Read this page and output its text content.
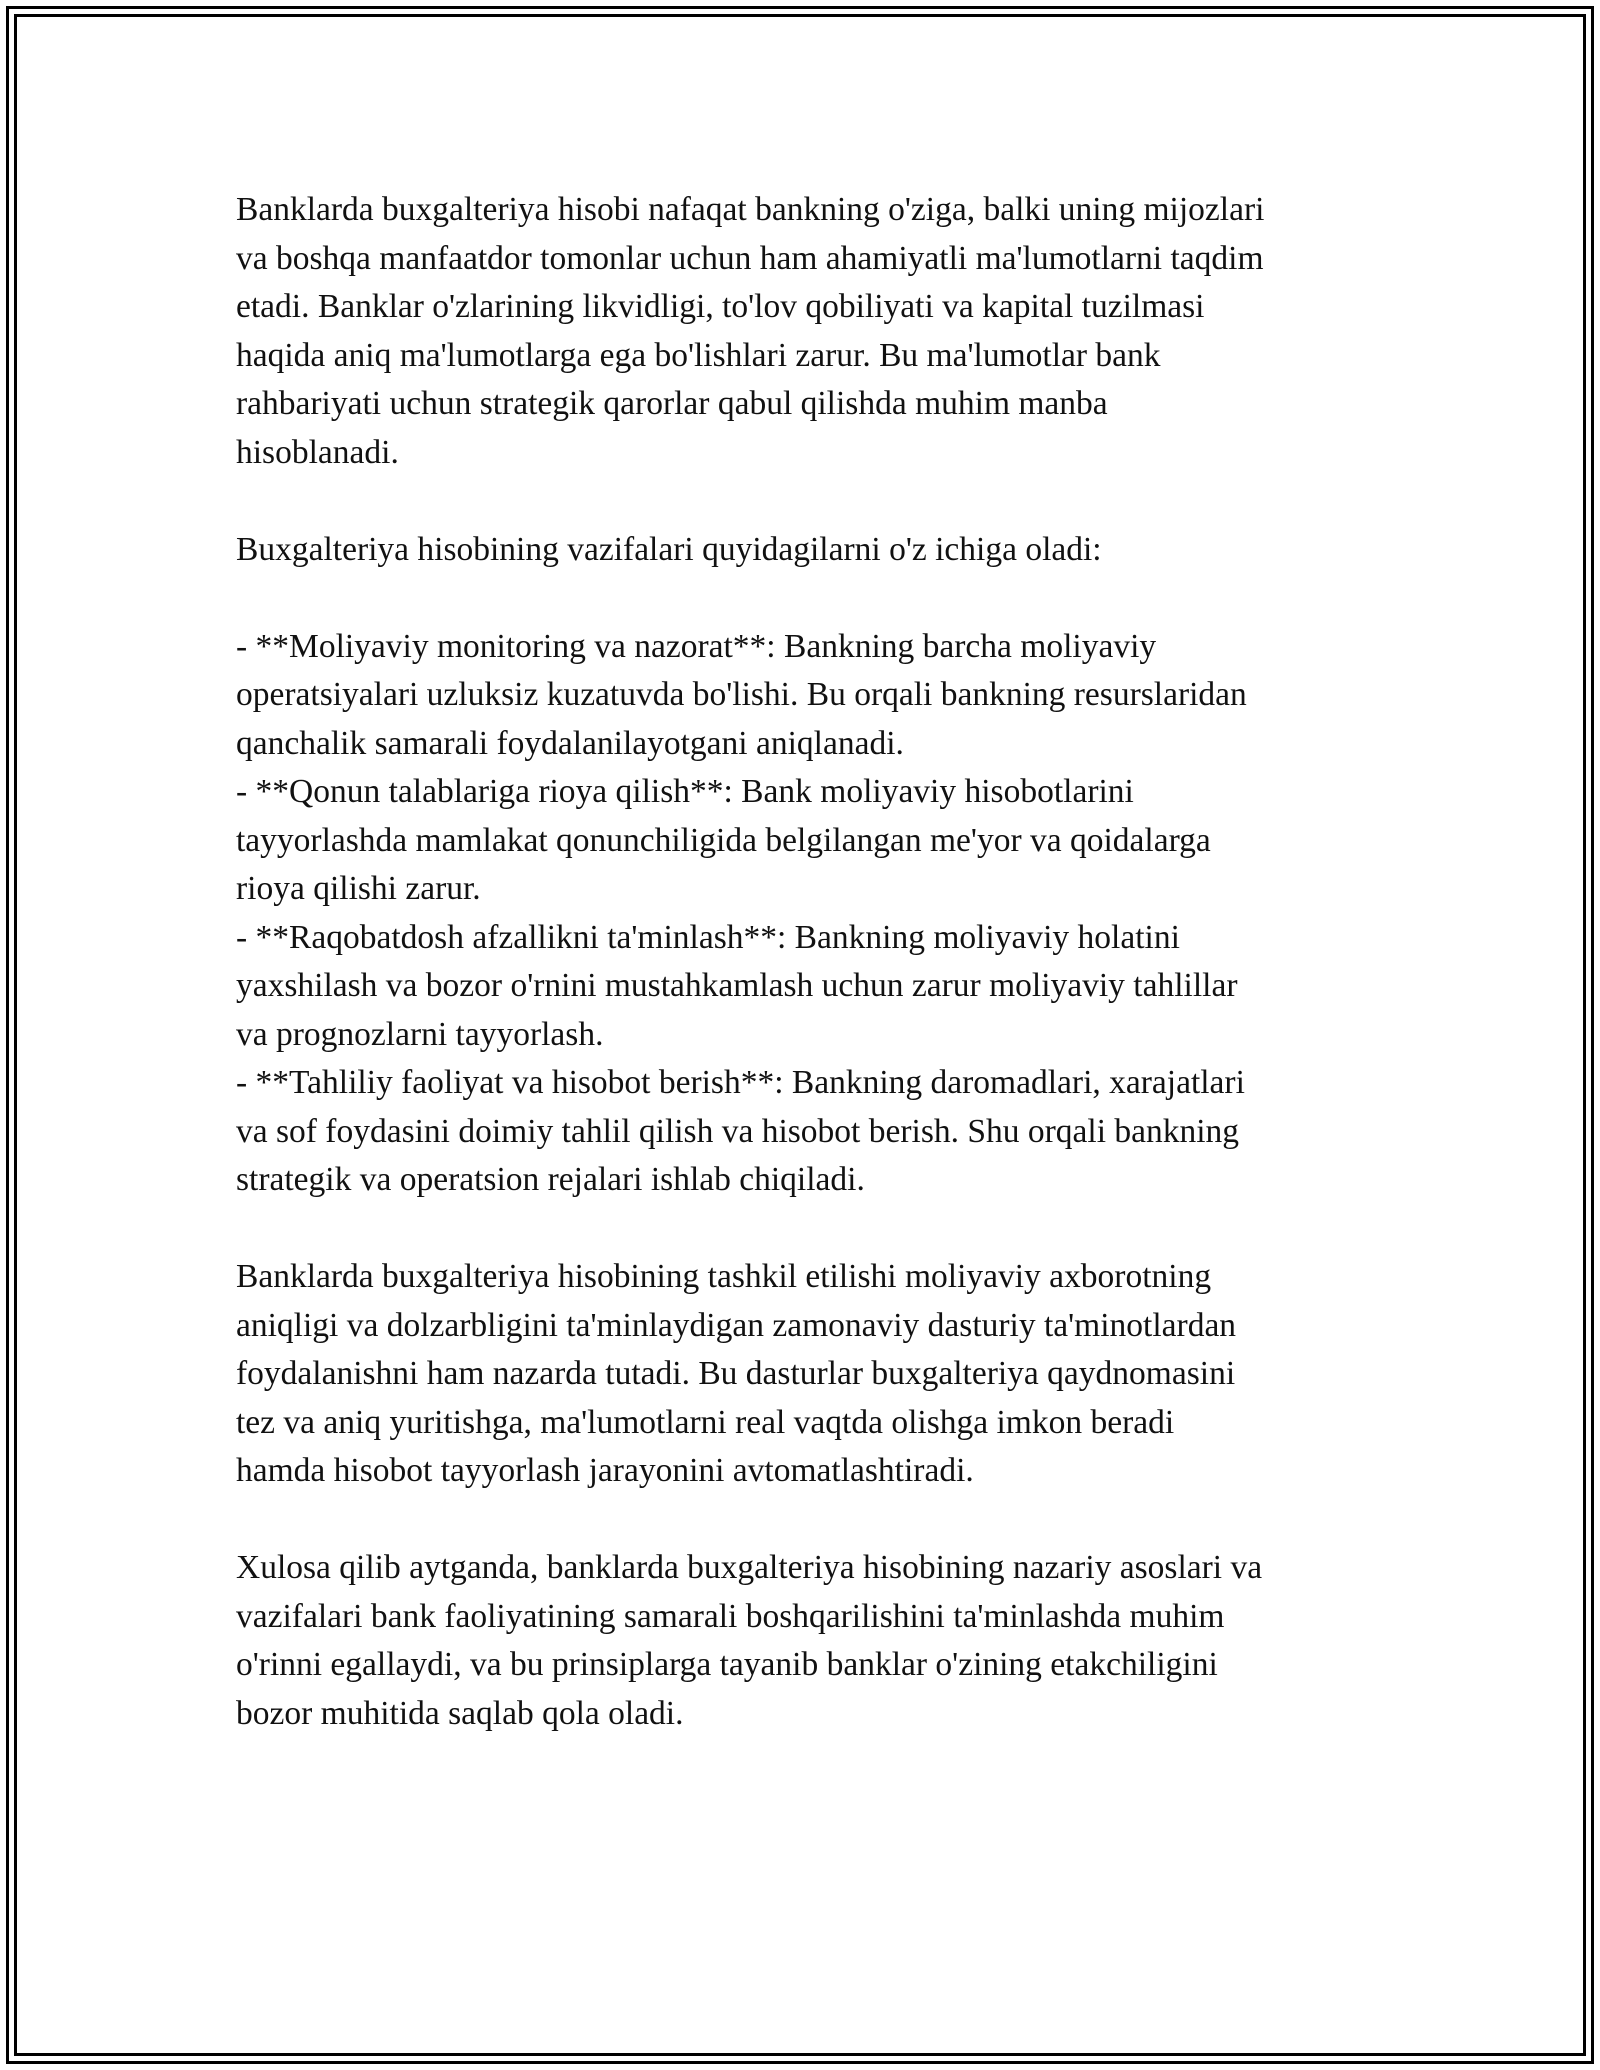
Banklarda buxgalteriya hisobi nafaqat bankning o'ziga, balki uning mijozlari
va boshqa manfaatdor tomonlar uchun ham ahamiyatli ma'lumotlarni taqdim
etadi. Banklar o'zlarining likvidligi, to'lov qobiliyati va kapital tuzilmasi
haqida aniq ma'lumotlarga ega bo'lishlari zarur. Bu ma'lumotlar bank
rahbariyati uchun strategik qarorlar qabul qilishda muhim manba
hisoblanadi.

Buxgalteriya hisobining vazifalari quyidagilarni o'z ichiga oladi:

- **Moliyaviy monitoring va nazorat**: Bankning barcha moliyaviy
operatsiyalari uzluksiz kuzatuvda bo'lishi. Bu orqali bankning resurslaridan
qanchalik samarali foydalanilayotgani aniqlanadi.

- **Qonun talablariga rioya qilish**: Bank moliyaviy hisobotlarini
tayyorlashda mamlakat qonunchiligida belgilangan me'yor va qoidalarga
rioya qilishi zarur.

- **Raqobatdosh afzallikni ta'minlash**: Bankning moliyaviy holatini
yaxshilash va bozor o'rnini mustahkamlash uchun zarur moliyaviy tahlillar
va prognozlarni tayyorlash.

- **Tahliliy faoliyat va hisobot berish**: Bankning daromadlari, xarajatlari
va sof foydasini doimiy tahlil qilish va hisobot berish. Shu orqali bankning
strategik va operatsion rejalari ishlab chiqiladi.

Banklarda buxgalteriya hisobining tashkil etilishi moliyaviy axborotning
aniqligi va dolzarbligini ta'minlaydigan zamonaviy dasturiy ta'minotlardan
foydalanishni ham nazarda tutadi. Bu dasturlar buxgalteriya qaydnomasini
tez va aniq yuritishga, ma'lumotlarni real vaqtda olishga imkon beradi
hamda hisobot tayyorlash jarayonini avtomatlashtiradi.

Xulosa qilib aytganda, banklarda buxgalteriya hisobining nazariy asoslari va
vazifalari bank faoliyatining samarali boshqarilishini ta'minlashda muhim
o'rinni egallaydi, va bu prinsiplarga tayanib banklar o'zining etakchiligini
bozor muhitida saqlab qola oladi.
